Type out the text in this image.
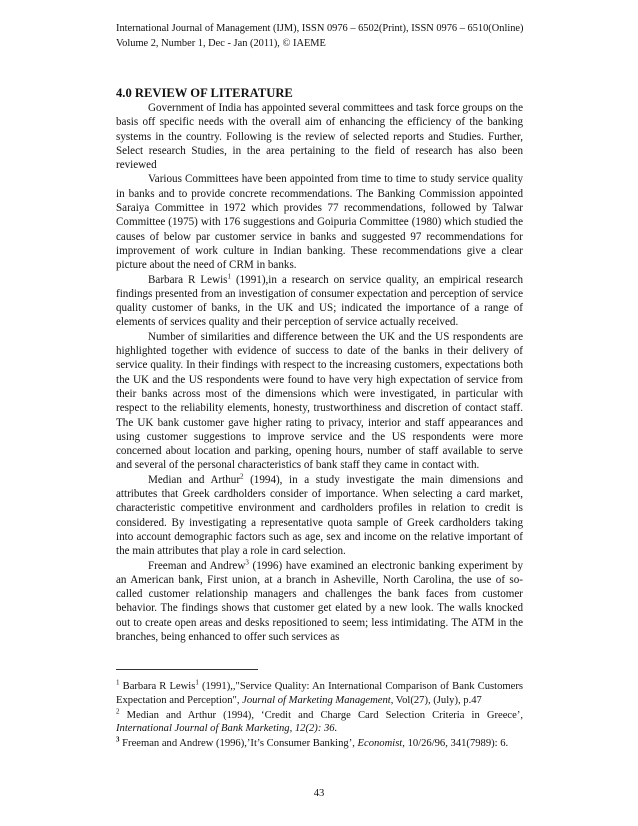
International Journal of Management (IJM), ISSN 0976 – 6502(Print), ISSN 0976 – 6510(Online)
Volume 2, Number 1, Dec - Jan (2011), © IAEME
4.0 REVIEW OF LITERATURE

Government of India has appointed several committees and task force groups on the basis off specific needs with the overall aim of enhancing the efficiency of the banking systems in the country. Following is the review of selected reports and Studies. Further, Select research Studies, in the area pertaining to the field of research has also been reviewed

Various Committees have been appointed from time to time to study service quality in banks and to provide concrete recommendations. The Banking Commission appointed Saraiya Committee in 1972 which provides 77 recommendations, followed by Talwar Committee (1975) with 176 suggestions and Goipuria Committee (1980) which studied the causes of below par customer service in banks and suggested 97 recommendations for improvement of work culture in Indian banking. These recommendations give a clear picture about the need of CRM in banks.

Barbara R Lewis$^1$ (1991),in a research on service quality, an empirical research findings presented from an investigation of consumer expectation and perception of service quality customer of banks, in the UK and US; indicated the importance of a range of elements of services quality and their perception of service actually received.

Number of similarities and difference between the UK and the US respondents are highlighted together with evidence of success to date of the banks in their delivery of service quality. In their findings with respect to the increasing customers, expectations both the UK and the US respondents were found to have very high expectation of service from their banks across most of the dimensions which were investigated, in particular with respect to the reliability elements, honesty, trustworthiness and discretion of contact staff. The UK bank customer gave higher rating to privacy, interior and staff appearances and using customer suggestions to improve service and the US respondents were more concerned about location and parking, opening hours, number of staff available to serve and several of the personal characteristics of bank staff they came in contact with.

Median and Arthur$^2$ (1994), in a study investigate the main dimensions and attributes that Greek cardholders consider of importance. When selecting a card market, characteristic competitive environment and cardholders profiles in relation to credit is considered. By investigating a representative quota sample of Greek cardholders taking into account demographic factors such as age, sex and income on the relative important of the main attributes that play a role in card selection.

Freeman and Andrew$^3$ (1996) have examined an electronic banking experiment by an American bank, First union, at a branch in Asheville, North Carolina, the use of so-called customer relationship managers and challenges the bank faces from customer behavior. The findings shows that customer get elated by a new look. The walls knocked out to create open areas and desks repositioned to seem; less intimidating. The ATM in the branches, being enhanced to offer such services as

$^1$ Barbara R Lewis$^1$ (1991),,"Service Quality: An International Comparison of Bank Customers Expectation and Perception", Journal of Marketing Management, Vol(27), (July), p.47

$^2$ Median and Arthur (1994), ‘Credit and Charge Card Selection Criteria in Greece’, International Journal of Bank Marketing, 12(2): 36.

$^3$ Freeman and Andrew (1996),’It’s Consumer Banking’, Economist, 10/26/96, 341(7989): 6.

43
